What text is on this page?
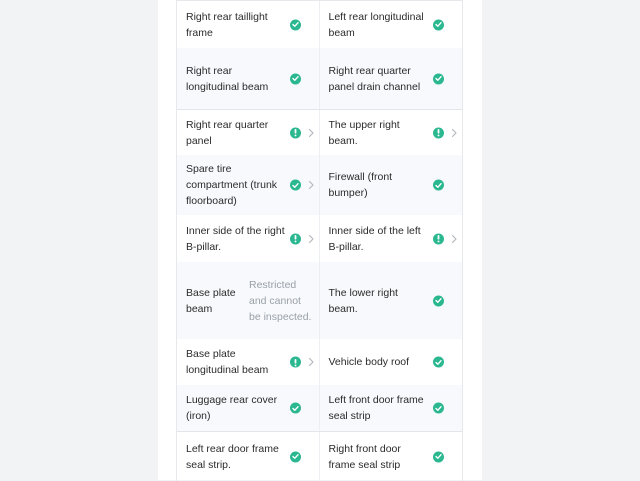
Right rear taillight frame
Left rear longitudinal beam
Right rear longitudinal beam
Right rear quarter panel drain channel
Right rear quarter panel
The upper right beam.
Spare tire compartment (trunk floorboard)
Firewall (front bumper)
Inner side of the right B-pillar.
Inner side of the left B-pillar.
Base plate beam
Restricted and cannot be inspected.
The lower right beam.
Base plate longitudinal beam
Vehicle body roof
Luggage rear cover (iron)
Left front door frame seal strip
Left rear door frame seal strip.
Right front door frame seal strip
